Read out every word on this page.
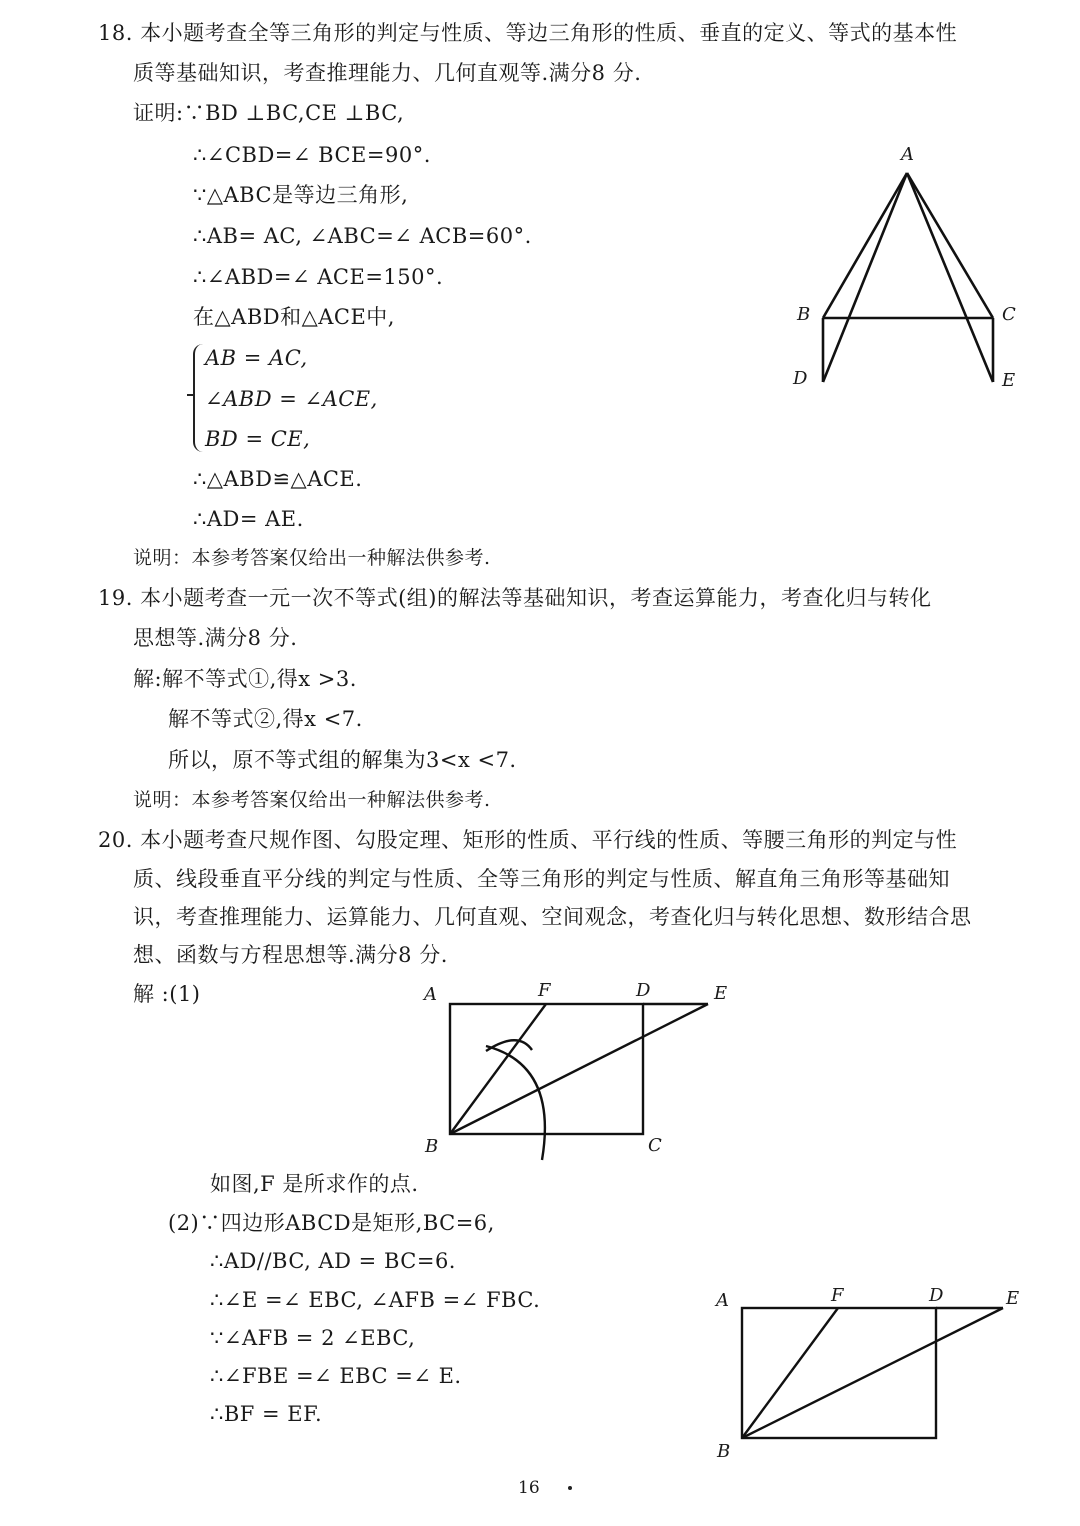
18. 本小题考查全等三角形的判定与性质、等边三角形的性质、垂直的定义、等式的基本性
质等基础知识，考查推理能力、几何直观等.满分8 分.
证明:∵BD ⊥BC,CE ⊥BC,
∴∠CBD=∠ BCE=90°.
∵△ABC是等边三角形,
∴AB= AC, ∠ABC=∠ ACB=60°.
∴∠ABD=∠ ACE=150°.
在△ABD和△ACE中,
AB = AC,
∠ABD = ∠ACE,
BD = CE,
∴△ABD≌△ACE.
∴AD= AE.
说明：本参考答案仅给出一种解法供参考.
A
B	C
D	E
19. 本小题考查一元一次不等式(组)的解法等基础知识，考查运算能力，考查化归与转化
思想等.满分8 分.
解:解不等式①,得x >3.
解不等式②,得x <7.
所以，原不等式组的解集为3<x <7.
说明：本参考答案仅给出一种解法供参考.
20. 本小题考查尺规作图、勾股定理、矩形的性质、平行线的性质、等腰三角形的判定与性
质、线段垂直平分线的判定与性质、全等三角形的判定与性质、解直角三角形等基础知
识，考查推理能力、运算能力、几何直观、空间观念，考查化归与转化思想、数形结合思
想、函数与方程思想等.满分8 分.
解 :(1)	A	F	D	E
B	C
如图,F 是所求作的点.
(2)∵四边形ABCD是矩形,BC=6,
∴AD//BC, AD = BC=6.
∴∠E =∠ EBC, ∠AFB =∠ FBC.
∵∠AFB = 2 ∠EBC,
∴∠FBE =∠ EBC =∠ E.
∴BF = EF.
A	F	D	E
B
16
